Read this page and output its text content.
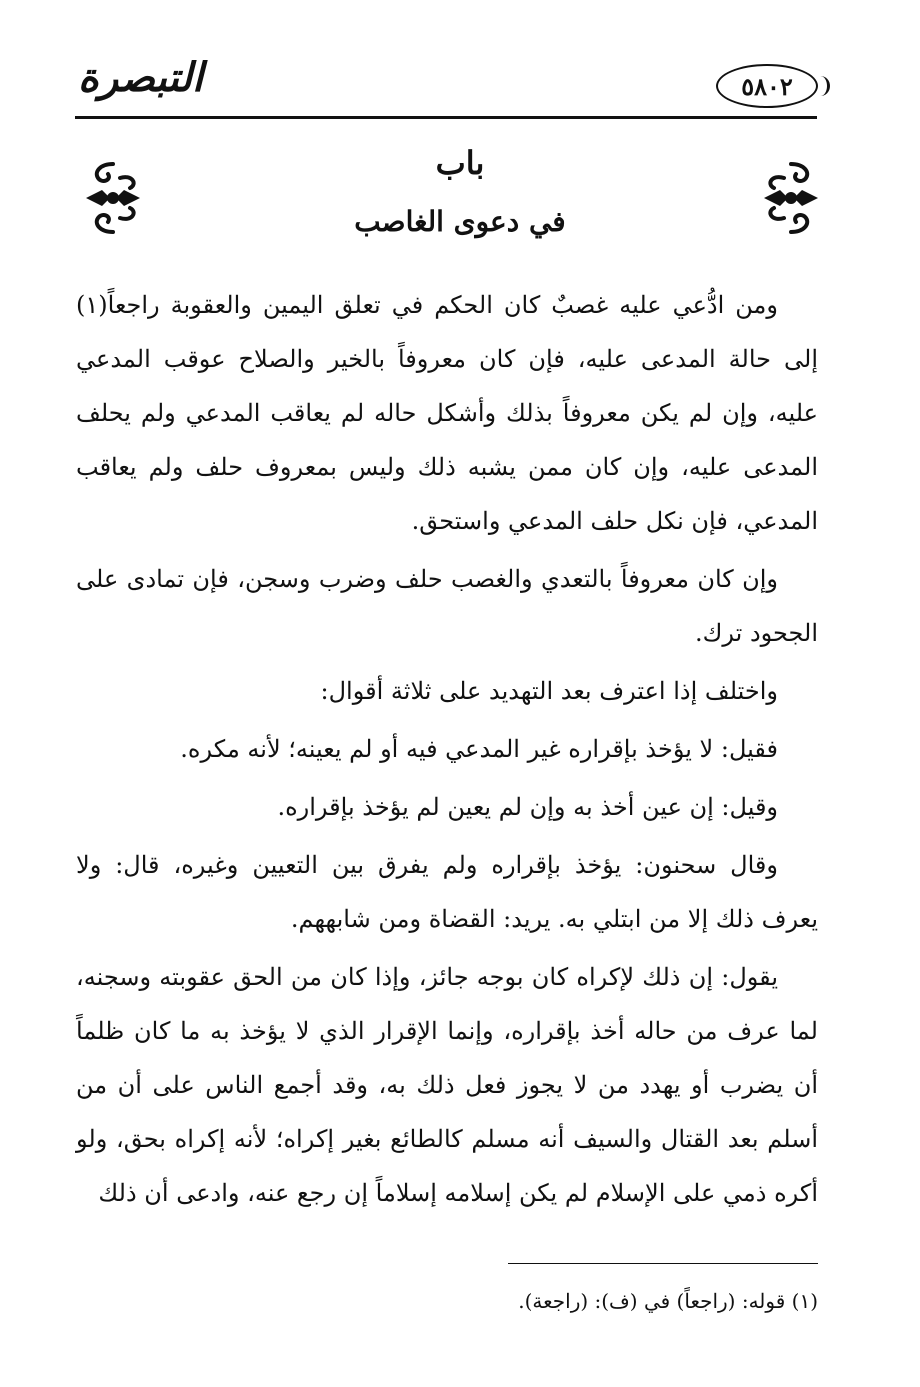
التبصرة	٥٨٠٢
باب
في دعوى الغاصب

ومن ادُّعي عليه غصبٌ كان الحكم في تعلق اليمين والعقوبة راجعاً(١) إلى حالة المدعى عليه، فإن كان معروفاً بالخير والصلاح عوقب المدعي عليه، وإن لم يكن معروفاً بذلك وأشكل حاله لم يعاقب المدعي ولم يحلف المدعى عليه، وإن كان ممن يشبه ذلك وليس بمعروف حلف ولم يعاقب المدعي، فإن نكل حلف المدعي واستحق.

وإن كان معروفاً بالتعدي والغصب حلف وضرب وسجن، فإن تمادى على الجحود ترك.

واختلف إذا اعترف بعد التهديد على ثلاثة أقوال:

فقيل: لا يؤخذ بإقراره غير المدعي فيه أو لم يعينه؛ لأنه مكره.

وقيل: إن عين أخذ به وإن لم يعين لم يؤخذ بإقراره.

وقال سحنون: يؤخذ بإقراره ولم يفرق بين التعيين وغيره، قال: ولا يعرف ذلك إلا من ابتلي به. يريد: القضاة ومن شابههم.

يقول: إن ذلك لإكراه كان بوجه جائز، وإذا كان من الحق عقوبته وسجنه، لما عرف من حاله أخذ بإقراره، وإنما الإقرار الذي لا يؤخذ به ما كان ظلماً أن يضرب أو يهدد من لا يجوز فعل ذلك به، وقد أجمع الناس على أن من أسلم بعد القتال والسيف أنه مسلم كالطائع بغير إكراه؛ لأنه إكراه بحق، ولو أكره ذمي على الإسلام لم يكن إسلامه إسلاماً إن رجع عنه، وادعى أن ذلك

(١) قوله: (راجعاً) في (ف): (راجعة).
